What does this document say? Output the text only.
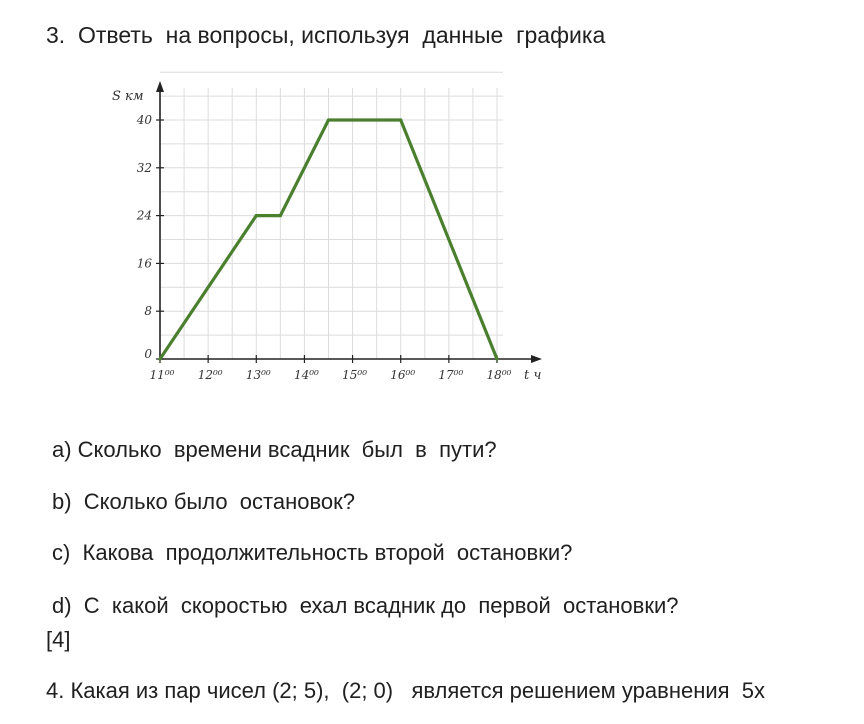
3.  Ответь  на вопросы, используя  данные  графика
S км
t ч
0
8
16
24
32
40
11⁰⁰ 12⁰⁰ 13⁰⁰ 14⁰⁰ 15⁰⁰ 16⁰⁰ 17⁰⁰ 18⁰⁰
a) Сколько  времени всадник  был  в  пути?
b)  Сколько было  остановок?
c)  Какова  продолжительность второй  остановки?
d)  С  какой  скоростью  ехал всадник до  первой  остановки?
[4]
4. Какая из пар чисел (2; 5),  (2; 0)   является решением уравнения  5x
